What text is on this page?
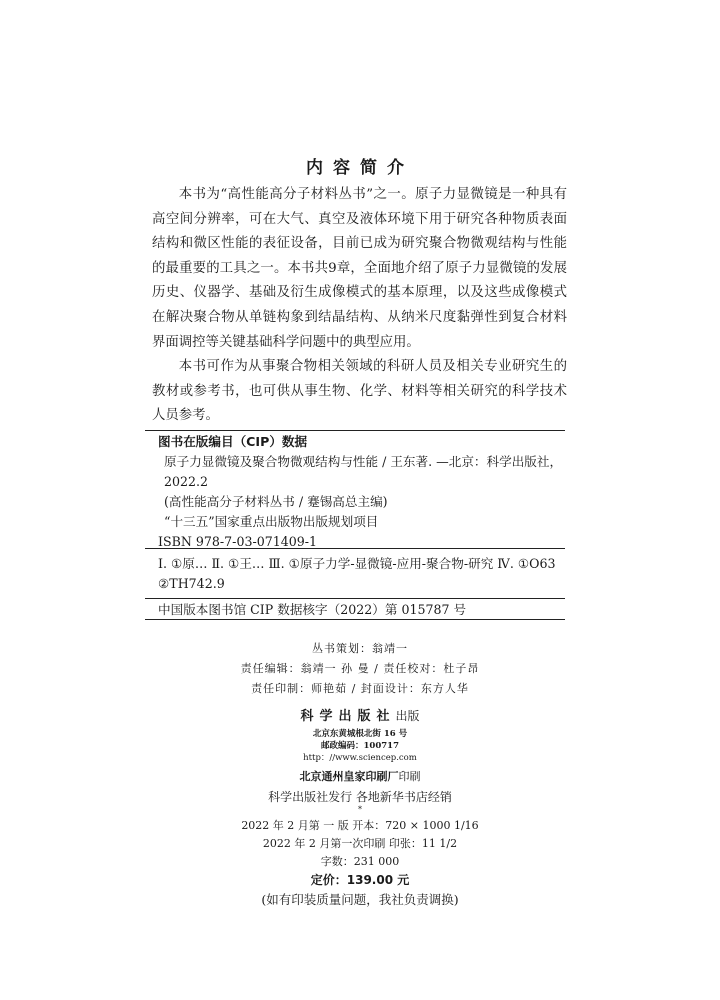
内容简介

本书为“高性能高分子材料丛书”之一。原子力显微镜是一种具有高空间分辨率，可在大气、真空及液体环境下用于研究各种物质表面结构和微区性能的表征设备，目前已成为研究聚合物微观结构与性能的最重要的工具之一。本书共9章，全面地介绍了原子力显微镜的发展历史、仪器学、基础及衍生成像模式的基本原理，以及这些成像模式在解决聚合物从单链构象到结晶结构、从纳米尺度黏弹性到复合材料界面调控等关键基础科学问题中的典型应用。

本书可作为从事聚合物相关领域的科研人员及相关专业研究生的教材或参考书，也可供从事生物、化学、材料等相关研究的科学技术人员参考。

图书在版编目（CIP）数据

原子力显微镜及聚合物微观结构与性能 / 王东著. —北京：科学出版社，2022.2

(高性能高分子材料丛书 / 蹇锡高总主编)

“十三五”国家重点出版物出版规划项目

ISBN 978-7-03-071409-1

Ⅰ. ①原… Ⅱ. ①王… Ⅲ. ①原子力学-显微镜-应用-聚合物-研究 Ⅳ. ①O63 ②TH742.9

中国版本图书馆 CIP 数据核字（2022）第 015787 号

丛书策划：翁靖一
责任编辑：翁靖一 孙 曼 / 责任校对：杜子昂
责任印制：师艳茹 / 封面设计：东方人华
科学出版社出版
北京东黄城根北街 16 号
邮政编码：100717
http：//www.sciencep.com
北京通州皇家印刷厂印刷
科学出版社发行 各地新华书店经销
*
2022 年 2 月第 一 版 开本：720 × 1000 1/16
2022 年 2 月第一次印刷 印张：11 1/2
字数：231 000
定价：139.00 元
(如有印装质量问题，我社负责调换)
